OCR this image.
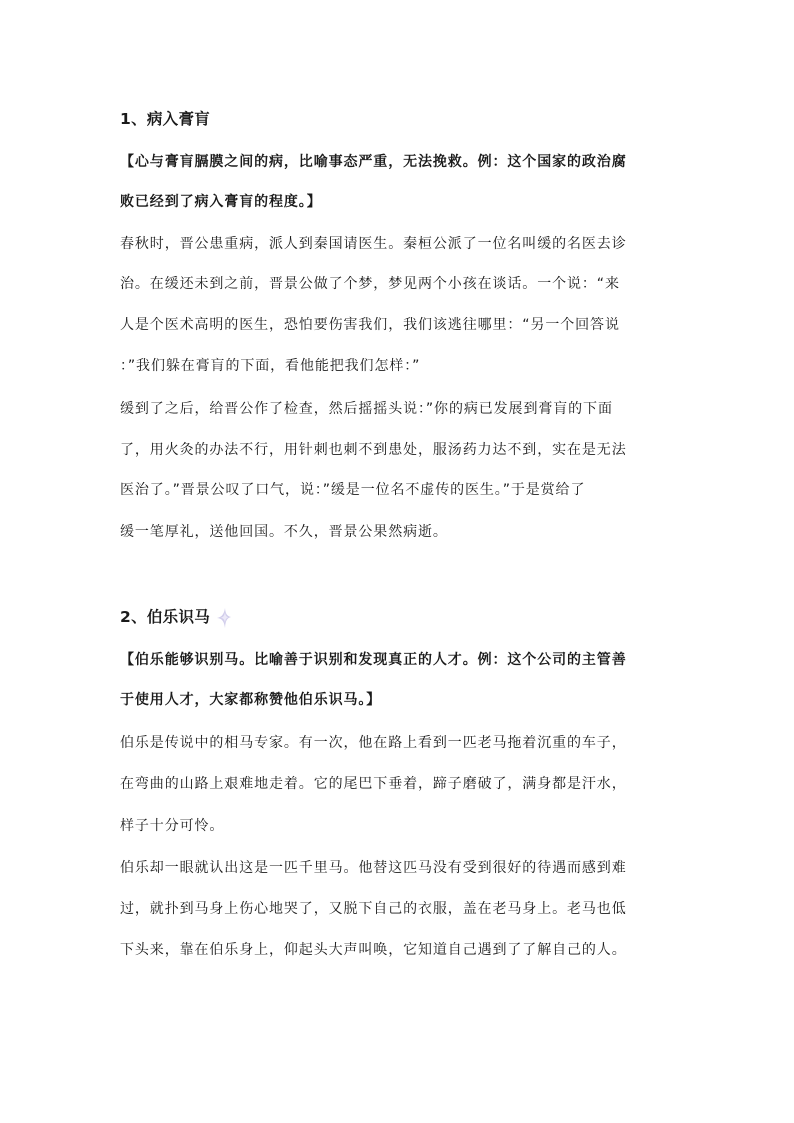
1、病入膏肓
【心与膏肓膈膜之间的病，比喻事态严重，无法挽救。例：这个国家的政治腐
败已经到了病入膏肓的程度。】
春秋时，晋公患重病，派人到秦国请医生。秦桓公派了一位名叫缓的名医去诊
治。在缓还未到之前，晋景公做了个梦，梦见两个小孩在谈话。一个说：“来
人是个医术高明的医生，恐怕要伤害我们，我们该逃往哪里：“另一个回答说
：”我们躲在膏肓的下面，看他能把我们怎样：”
缓到了之后，给晋公作了检查，然后摇摇头说：”你的病已发展到膏肓的下面
了，用火灸的办法不行，用针刺也刺不到患处，服汤药力达不到，实在是无法
医治了。”晋景公叹了口气，说：”缓是一位名不虚传的医生。”于是赏给了
缓一笔厚礼，送他回国。不久，晋景公果然病逝。
2、伯乐识马
【伯乐能够识别马。比喻善于识别和发现真正的人才。例：这个公司的主管善
于使用人才，大家都称赞他伯乐识马。】
伯乐是传说中的相马专家。有一次，他在路上看到一匹老马拖着沉重的车子，
在弯曲的山路上艰难地走着。它的尾巴下垂着，蹄子磨破了，满身都是汗水，
样子十分可怜。
伯乐却一眼就认出这是一匹千里马。他替这匹马没有受到很好的待遇而感到难
过，就扑到马身上伤心地哭了，又脱下自己的衣服，盖在老马身上。老马也低
下头来，靠在伯乐身上，仰起头大声叫唤，它知道自己遇到了了解自己的人。
